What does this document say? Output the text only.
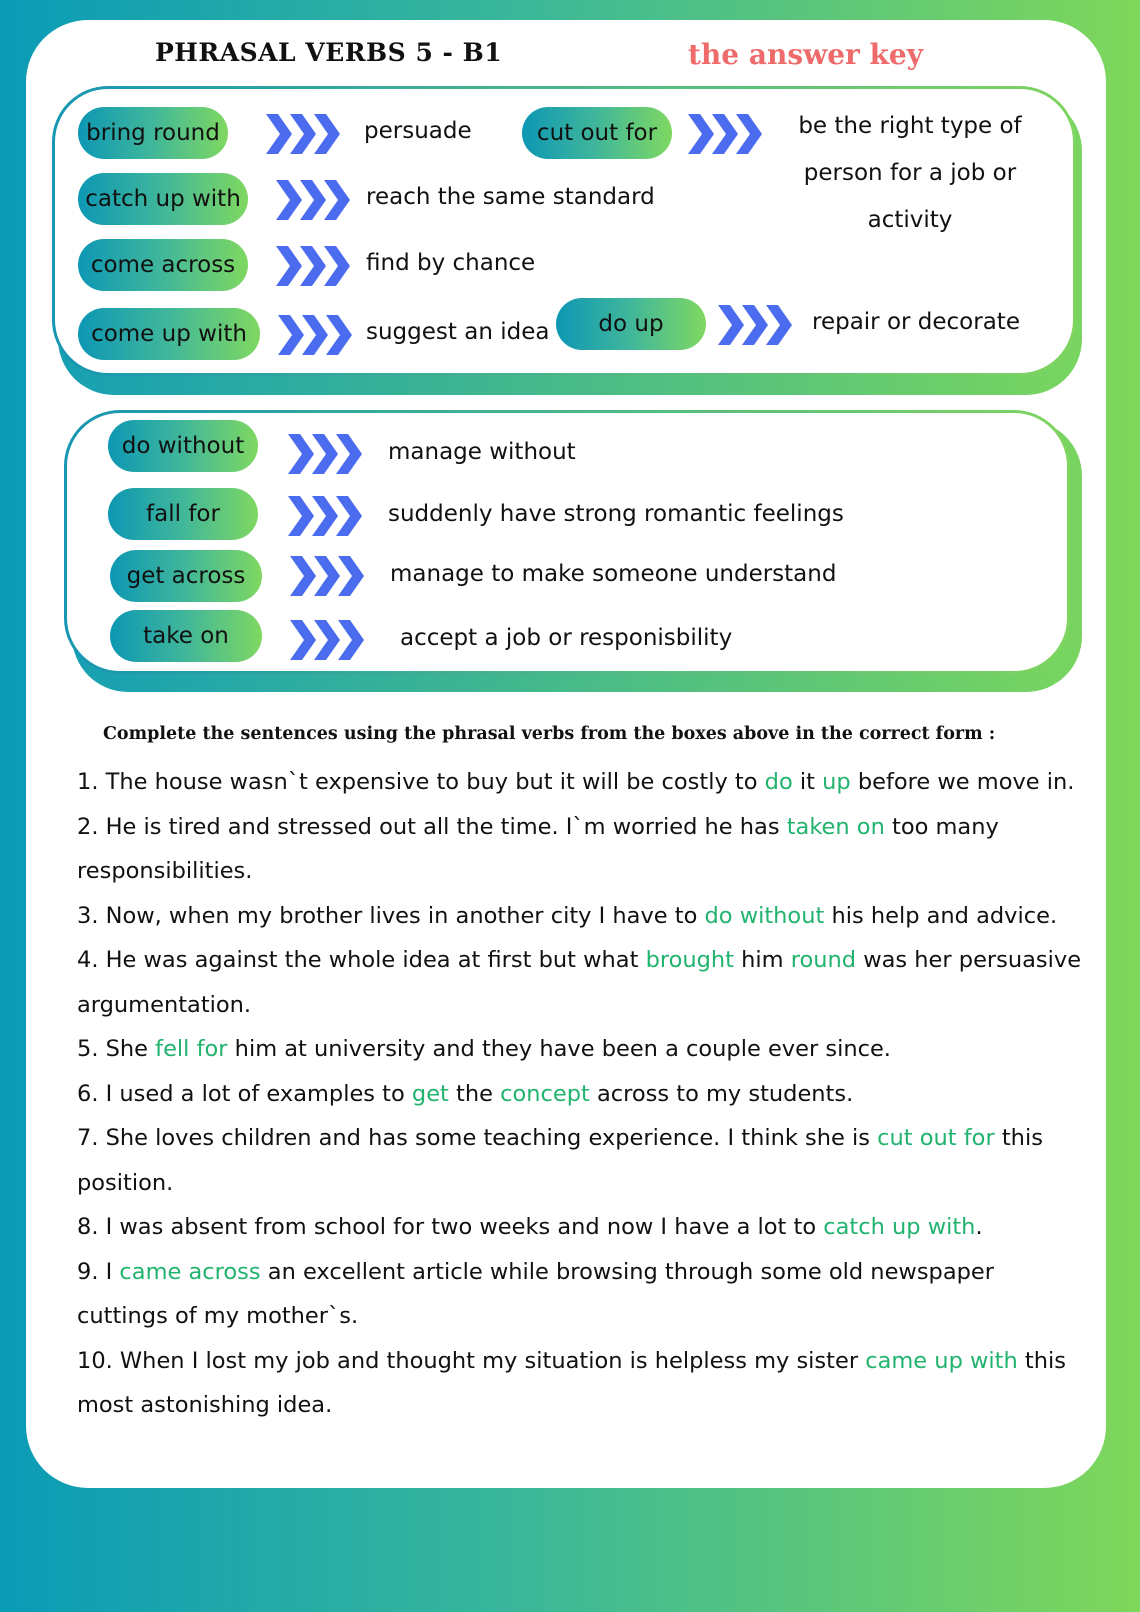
PHRASAL VERBS 5 - B1	the answer key
bring round	persuade
catch up with	reach the same standard
come across	find by chance
come up with	suggest an idea
cut out for	be the right type of
person for a job or
activity
do up	repair or decorate
do without	manage without
fall for	suddenly have strong romantic feelings
get across	manage to make someone understand
take on	accept a job or responisbility
Complete the sentences using the phrasal verbs from the boxes above in the correct form :
1. The house wasn`t expensive to buy but it will be costly to do it up before we move in.
2. He is tired and stressed out all the time. I`m worried he has taken on too many responsibilities.
3. Now, when my brother lives in another city I have to do without his help and advice.
4. He was against the whole idea at first but what brought him round was her persuasive argumentation.
5. She fell for him at university and they have been a couple ever since.
6. I used a lot of examples to get the concept across to my students.
7. She loves children and has some teaching experience. I think she is cut out for this position.
8. I was absent from school for two weeks and now I have a lot to catch up with.
9. I came across an excellent article while browsing through some old newspaper cuttings of my mother`s.
10. When I lost my job and thought my situation is helpless my sister came up with this most astonishing idea.
